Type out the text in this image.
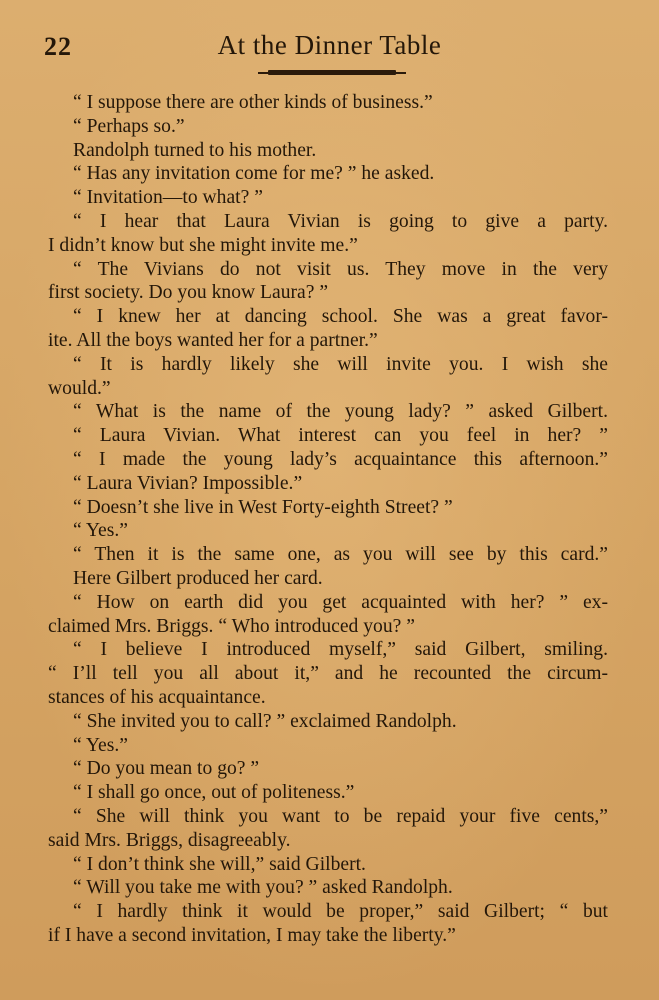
22	At the Dinner Table
“ I suppose there are other kinds of business.”
“ Perhaps so.”
Randolph turned to his mother.
“ Has any invitation come for me? ” he asked.
“ Invitation—to what? ”
“ I hear that Laura Vivian is going to give a party.
I didn’t know but she might invite me.”
“ The Vivians do not visit us. They move in the very
first society. Do you know Laura? ”
“ I knew her at dancing school. She was a great favor-
ite. All the boys wanted her for a partner.”
“ It is hardly likely she will invite you. I wish she
would.”
“ What is the name of the young lady? ” asked Gilbert.
“ Laura Vivian. What interest can you feel in her? ”
“ I made the young lady’s acquaintance this afternoon.”
“ Laura Vivian? Impossible.”
“ Doesn’t she live in West Forty-eighth Street? ”
“ Yes.”
“ Then it is the same one, as you will see by this card.”
Here Gilbert produced her card.
“ How on earth did you get acquainted with her? ” ex-
claimed Mrs. Briggs. “ Who introduced you? ”
“ I believe I introduced myself,” said Gilbert, smiling.
“ I’ll tell you all about it,” and he recounted the circum-
stances of his acquaintance.
“ She invited you to call? ” exclaimed Randolph.
“ Yes.”
“ Do you mean to go? ”
“ I shall go once, out of politeness.”
“ She will think you want to be repaid your five cents,”
said Mrs. Briggs, disagreeably.
“ I don’t think she will,” said Gilbert.
“ Will you take me with you? ” asked Randolph.
“ I hardly think it would be proper,” said Gilbert; “ but
if I have a second invitation, I may take the liberty.”
